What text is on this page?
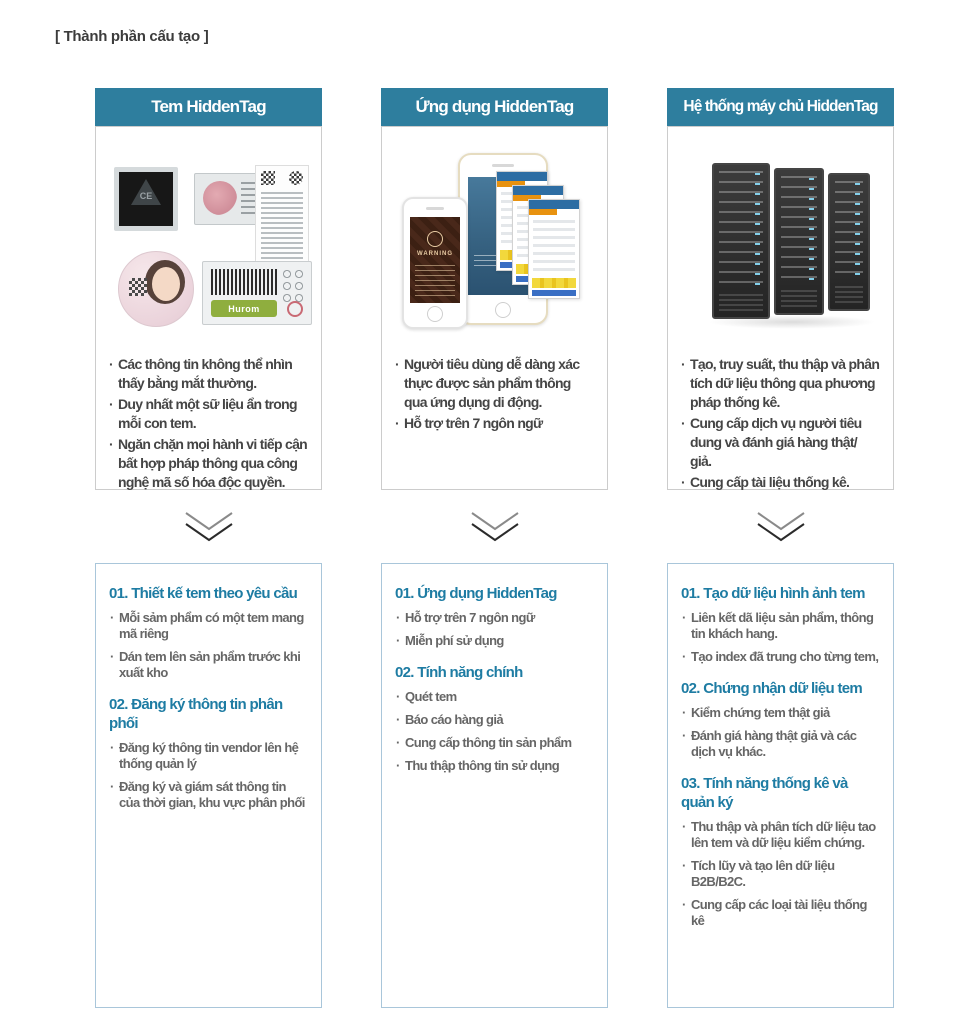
[ Thành phần cấu tạo ]
Tem HiddenTag
CE
Hurom
· Các thông tin không thể nhìn thấy bằng mắt thường.
· Duy nhất một sữ liệu ẩn trong mỗi con tem.
· Ngăn chặn mọi hành vi tiếp cận bất hợp pháp thông qua công nghệ mã số hóa độc quyền.
01. Thiết kế tem theo yêu cầu
· Mỗi sảm phẩm có một tem mang mã riêng
· Dán tem lên sản phẩm trước khi xuất kho
02. Đăng ký thông tin phân phối
· Đăng ký thông tin vendor lên hệ thống quản lý
· Đăng ký và giám sát thông tin của thời gian, khu vực phân phối
Ứng dụng HiddenTag
WARNING
· Người tiêu dùng dễ dàng xác thực được sản phẩm thông qua ứng dụng di động.
· Hỗ trợ trên 7 ngôn ngữ
01. Ứng dụng HiddenTag
· Hỗ trợ trên 7 ngôn ngữ
· Miễn phí sử dụng
02. Tính năng chính
· Quét tem
· Báo cáo hàng giả
· Cung cấp thông tin sản phẩm
· Thu thập thông tin sử dụng
Hệ thống máy chủ HiddenTag
· Tạo, truy suất, thu thập và phân tích dữ liệu thông qua phương pháp thống kê.
· Cung cấp dịch vụ người tiêu dung và đánh giá hàng thật/ giả.
· Cung cấp tài liệu thống kê.
01. Tạo dữ liệu hình ảnh tem
· Liên kết dã liệu sản phẩm, thông tin khách hang.
· Tạo index đã trung cho từng tem,
02. Chứng nhận dữ liệu tem
· Kiểm chứng tem thật giả
· Đánh giá hàng thật giả và các dịch vụ khác.
03. Tính năng thống kê và quản ký
· Thu thập và phân tích dữ liệu tao lên tem và dữ liệu kiểm chứng.
· Tích lũy và tạo lên dữ liệu B2B/B2C.
· Cung cấp các loại tài liệu thống kê
